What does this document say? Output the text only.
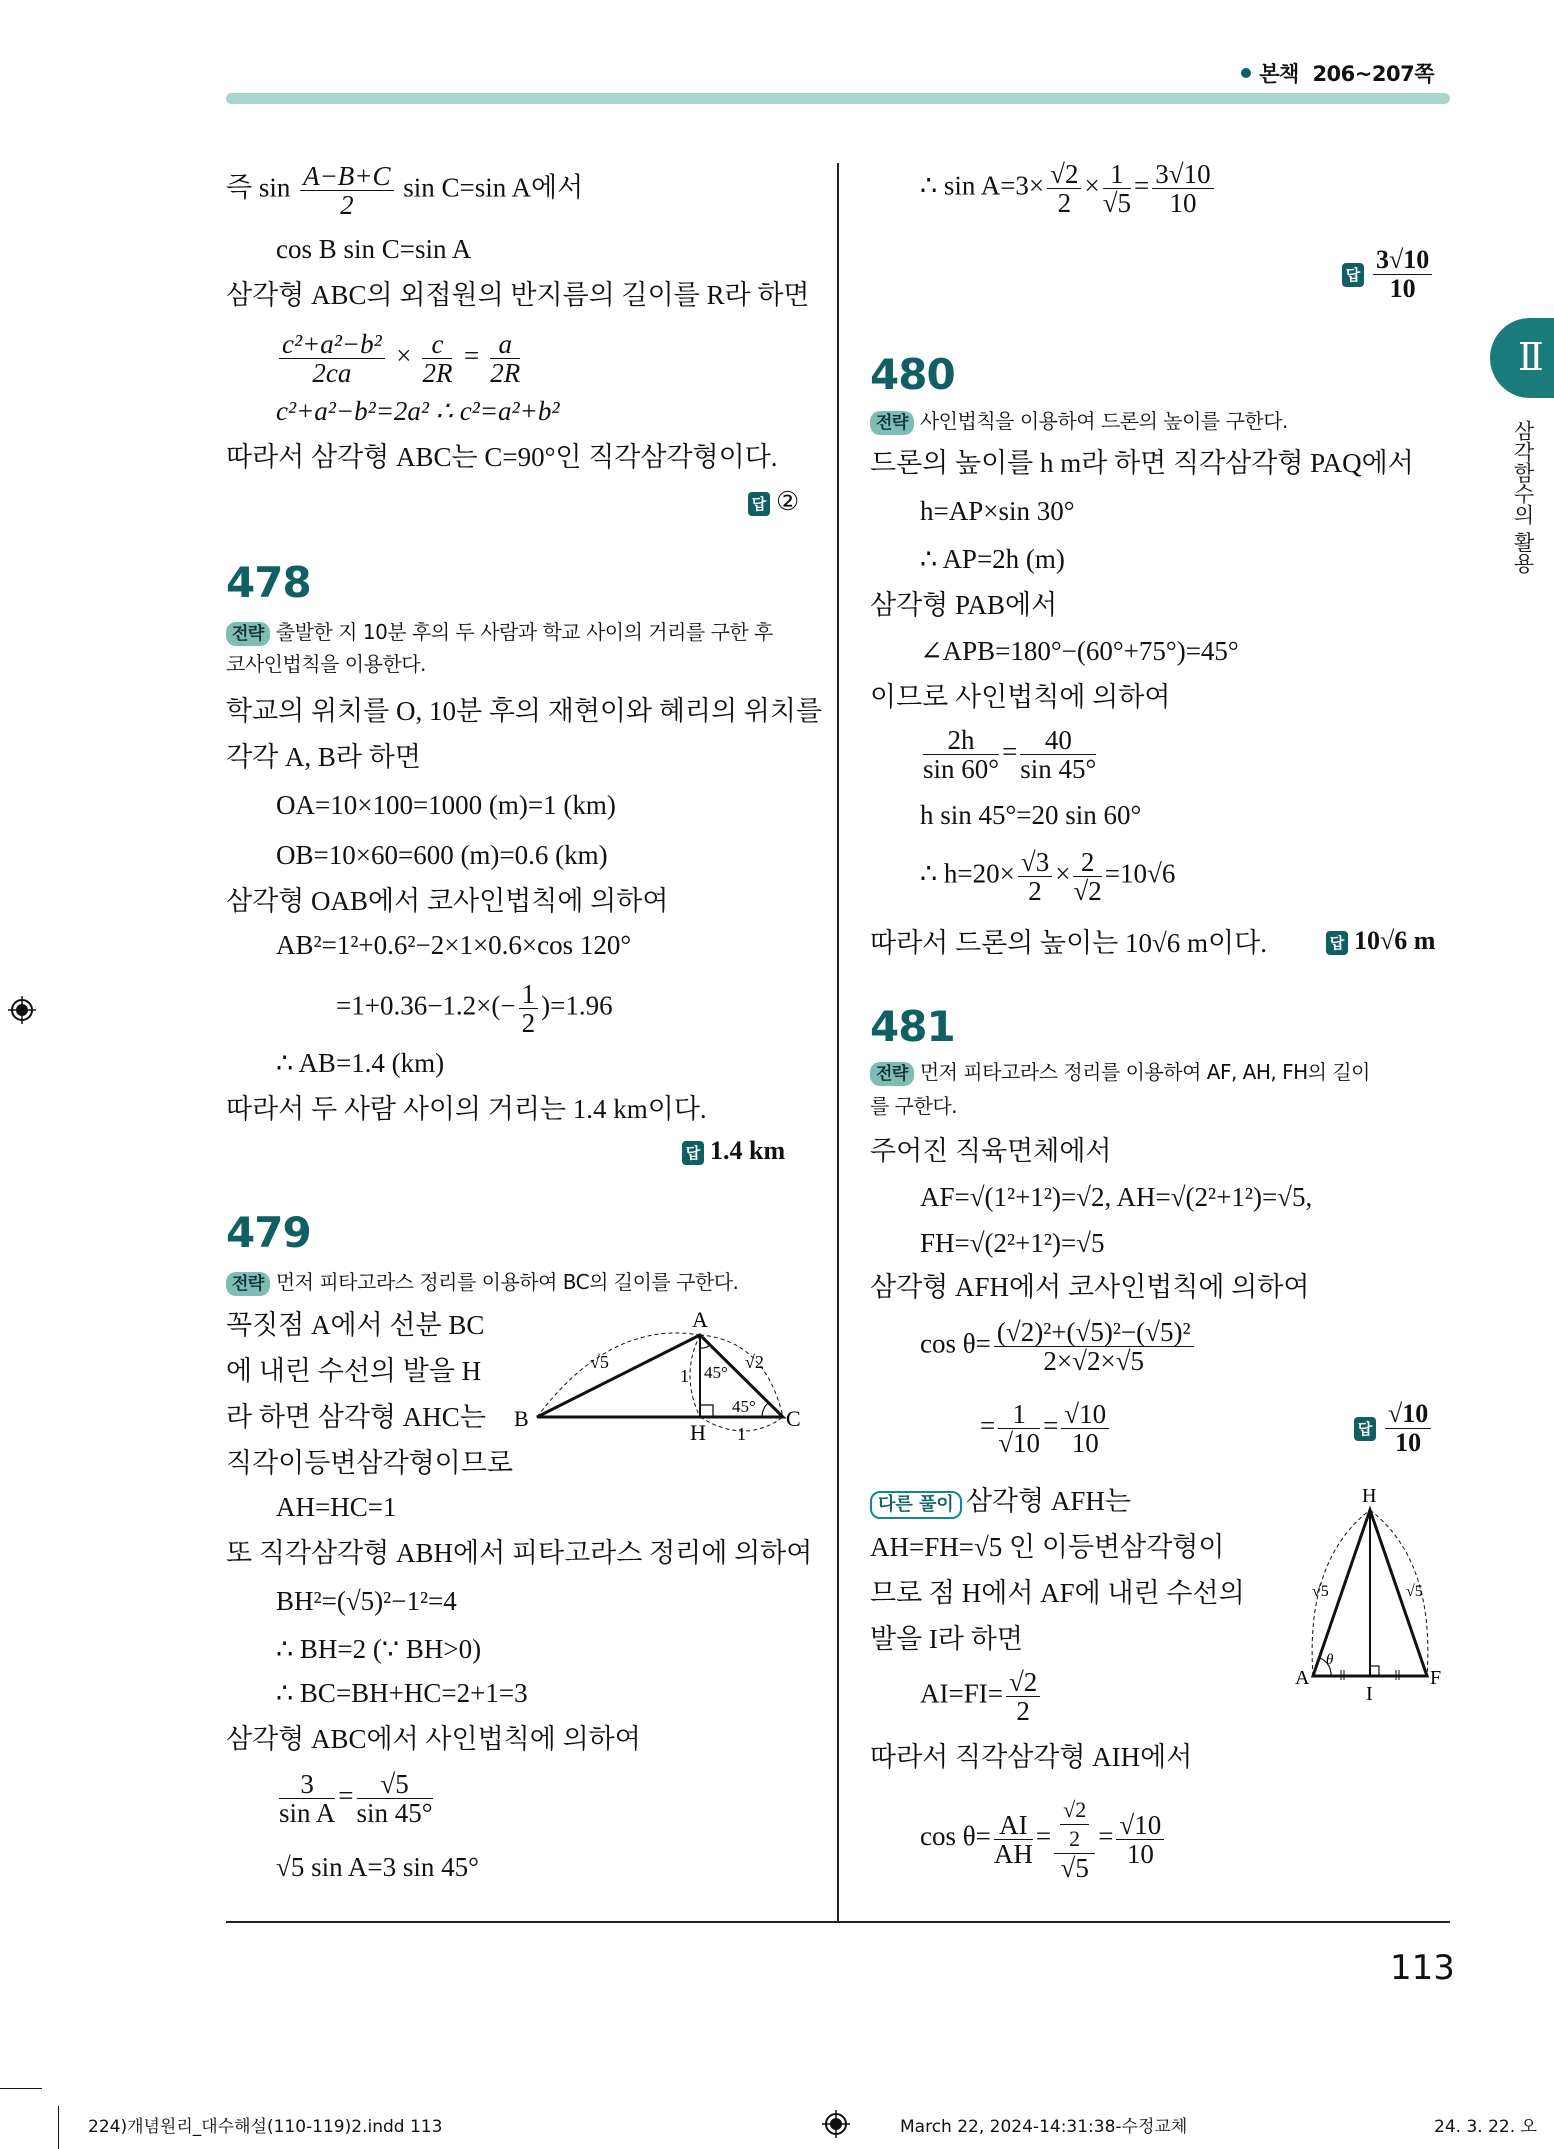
본책 206~207쪽
Ⅱ
삼각함수의 활용
즉 $\sin \frac{A-B+C}{2}$ sin C=sin A에서
cos B sin C=sin A
삼각형 ABC의 외접원의 반지름의 길이를 R라 하면
$\frac{\text{c²+a²−b²}}{2ca} \times \frac{c}{2R} = \frac{a}{2R}$
c²+a²−b²=2a² ∴ c²=a²+b²
따라서 삼각형 ABC는 C=90°인 직각삼각형이다.
답 ②
478
전략 출발한 지 10분 후의 두 사람과 학교 사이의 거리를 구한 후
코사인법칙을 이용한다.
학교의 위치를 O, 10분 후의 재현이와 혜리의 위치를
각각 A, B라 하면
OA=10×100=1000 (m)=1 (km)
OB=10×60=600 (m)=0.6 (km)
삼각형 OAB에서 코사인법칙에 의하여
AB²=1²+0.6²−2×1×0.6×cos 120°
$=1+0.36-1.2\times(- \frac{1}{2} )=1.96$
∴ AB=1.4 (km)
따라서 두 사람 사이의 거리는 1.4 km이다.
답 1.4 km
479
전략 먼저 피타고라스 정리를 이용하여 BC의 길이를 구한다.
꼭짓점 A에서 선분 BC
에 내린 수선의 발을 H
라 하면 삼각형 AHC는
직각이등변삼각형이므로
AH=HC=1
또 직각삼각형 ABH에서 피타고라스 정리에 의하여
BH²=(√5)²−1²=4
∴ BH=2 (∵ BH>0)
∴ BC=BH+HC=2+1=3
삼각형 ABC에서 사인법칙에 의하여
$\frac{3}{\text{sin A}} = \frac{√5}{\sin 45^\circ}$
√5 sin A=3 sin 45°
A
B	C
H
√5	√2
1
1
45°
45°
∴ $\sin A=3\times \frac{√2}{2} \times \frac{1}{√5} = \frac{3√10}{10}$
답 $\frac{3√10}{10}$
480
전략 사인법칙을 이용하여 드론의 높이를 구한다.
드론의 높이를 h m라 하면 직각삼각형 PAQ에서
h=AP×sin 30°
∴ AP=2h (m)
삼각형 PAB에서
∠APB=180°−(60°+75°)=45°
이므로 사인법칙에 의하여
$\frac{2h}{\sin 60^\circ} = \frac{40}{\sin 45^\circ}$
h sin 45°=20 sin 60°
∴ $h=20\times \frac{√3}{2} \times \frac{2}{√2} =10√6$
따라서 드론의 높이는 10√6 m이다.	답 10√6 m
481
전략 먼저 피타고라스 정리를 이용하여 AF, AH, FH의 길이
를 구한다.
주어진 직육면체에서
AF=√(1²+1²)=√2, AH=√(2²+1²)=√5,
FH=√(2²+1²)=√5
삼각형 AFH에서 코사인법칙에 의하여
$\cos \theta= \frac{\text{(√2)²+(√5)²−(√5)²}}{2\times√2\times√5}$
= $\frac{1}{√10} = \frac{√10}{10}$	답 $\frac{√10}{10}$
다른 풀이 삼각형 AFH는
AH=FH=√5 인 이등변삼각형이
므로 점 H에서 AF에 내린 수선의
발을 I라 하면
$AI=FI= \frac{√2}{2}$
따라서 직각삼각형 AIH에서
$\cos \theta= \frac{AI}{AH} = \frac{\frac{√2}{2}}{√5} = \frac{√10}{10}$
H
A	F
I
√5	√5
θ
113
224)개념원리_대수해설(110-119)2.indd 113	March 22, 2024-14:31:38-수정교체	24. 3. 22. 오
